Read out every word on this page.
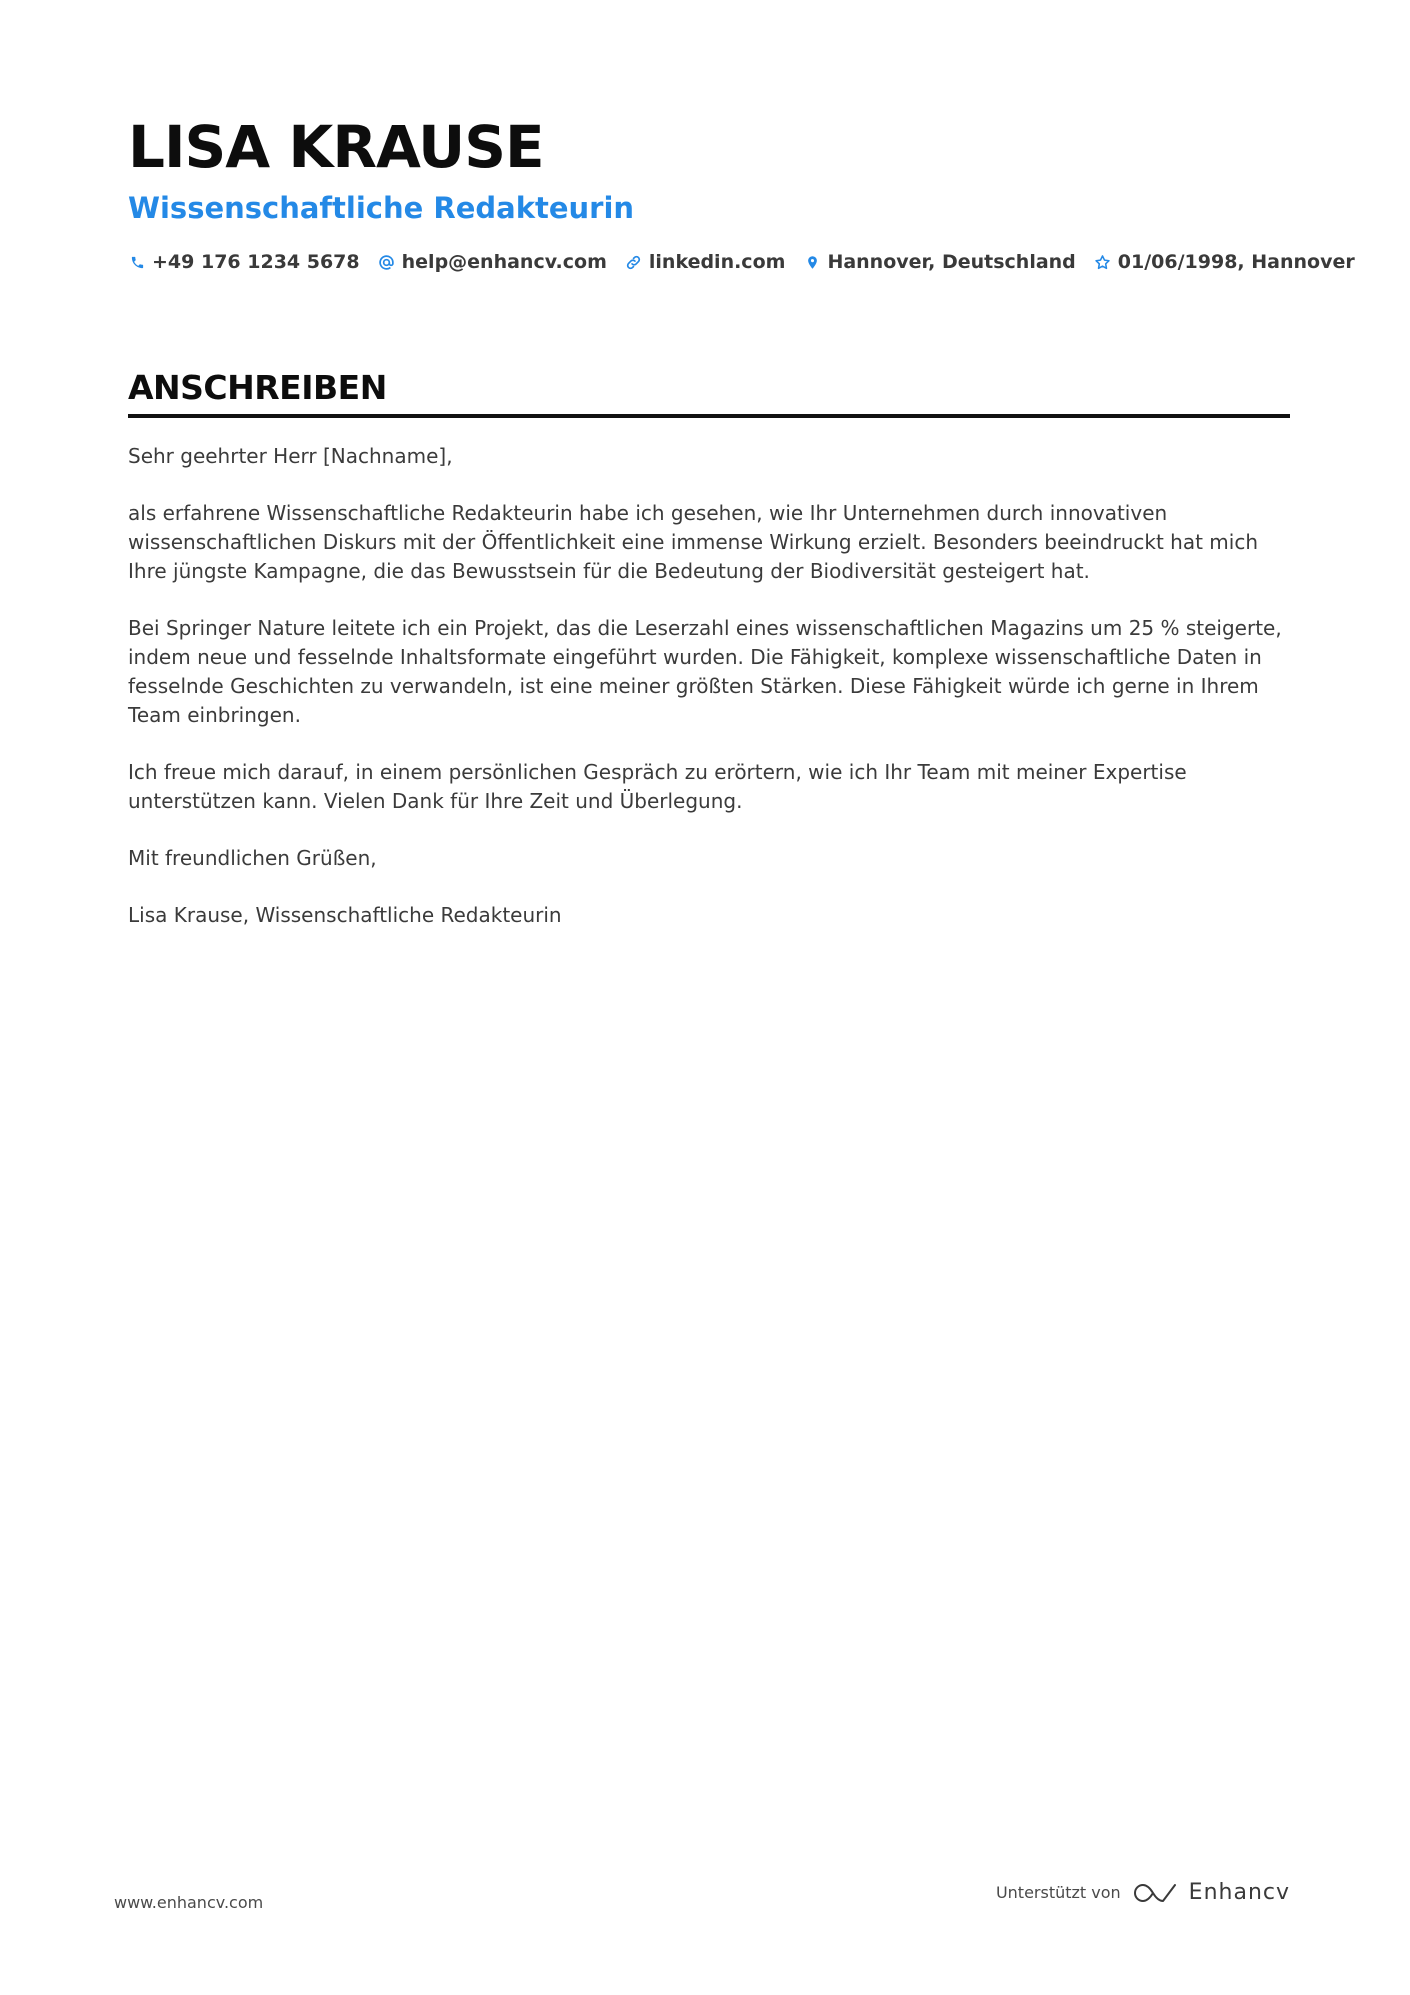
LISA KRAUSE
Wissenschaftliche Redakteurin
+49 176 1234 5678 help@enhancv.com linkedin.com Hannover, Deutschland 01/06/1998, Hannover
ANSCHREIBEN

Sehr geehrter Herr [Nachname],

als erfahrene Wissenschaftliche Redakteurin habe ich gesehen, wie Ihr Unternehmen durch innovativen wissenschaftlichen Diskurs mit der Öffentlichkeit eine immense Wirkung erzielt. Besonders beeindruckt hat mich Ihre jüngste Kampagne, die das Bewusstsein für die Bedeutung der Biodiversität gesteigert hat.

Bei Springer Nature leitete ich ein Projekt, das die Leserzahl eines wissenschaftlichen Magazins um 25 % steigerte, indem neue und fesselnde Inhaltsformate eingeführt wurden. Die Fähigkeit, komplexe wissenschaftliche Daten in fesselnde Geschichten zu verwandeln, ist eine meiner größten Stärken. Diese Fähigkeit würde ich gerne in Ihrem Team einbringen.

Ich freue mich darauf, in einem persönlichen Gespräch zu erörtern, wie ich Ihr Team mit meiner Expertise unterstützen kann. Vielen Dank für Ihre Zeit und Überlegung.

Mit freundlichen Grüßen,

Lisa Krause, Wissenschaftliche Redakteurin

www.enhancv.com
Unterstützt von	Enhancv
